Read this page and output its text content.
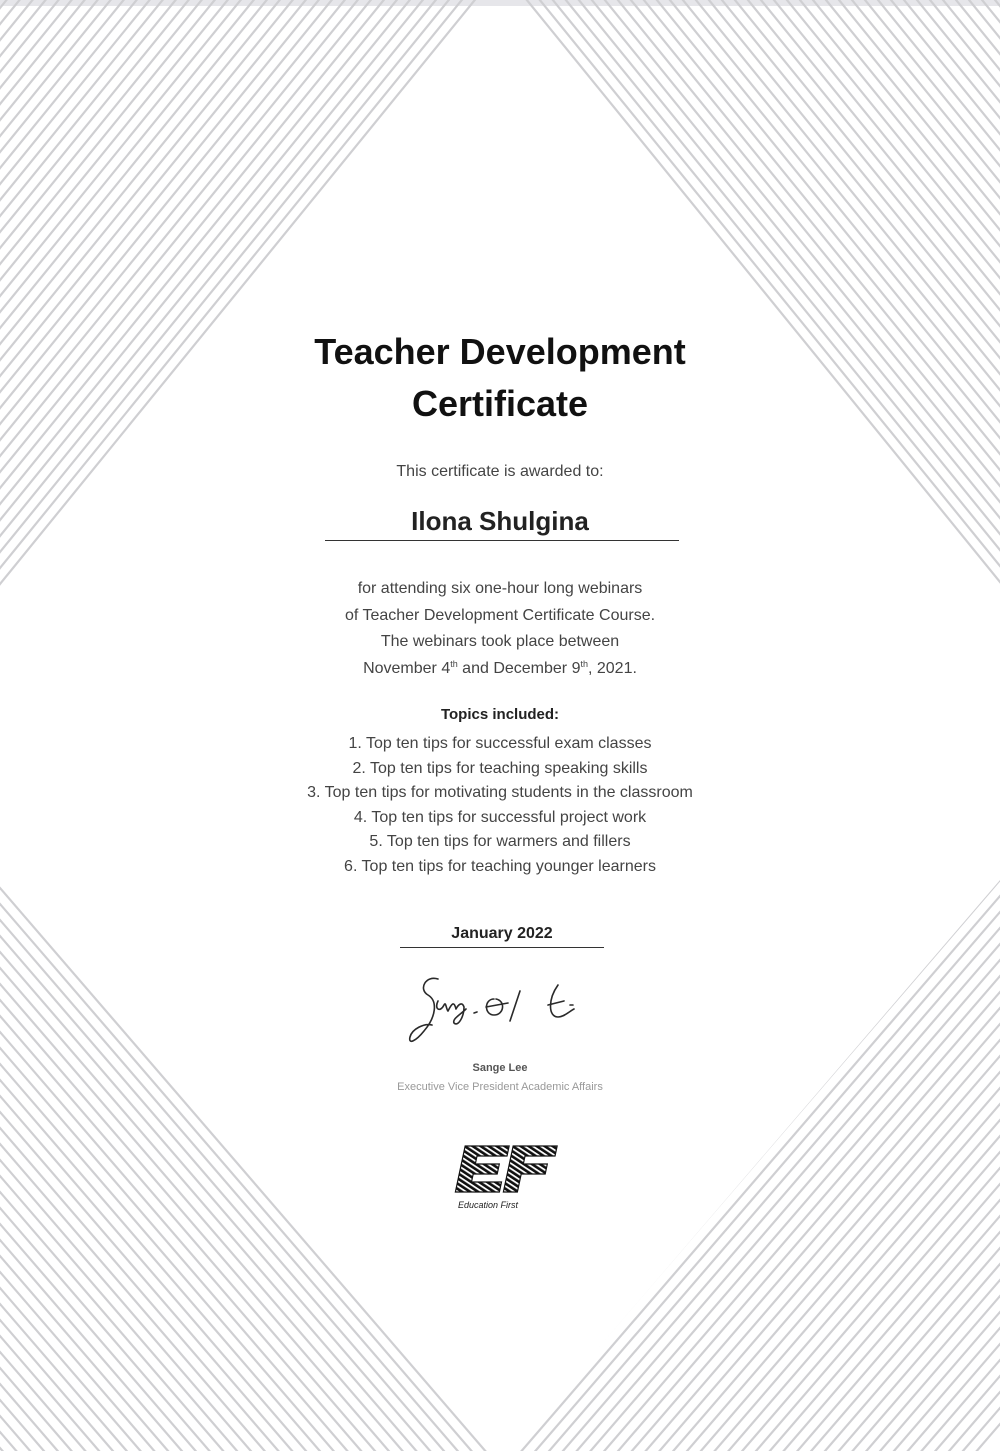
Teacher Development
Certificate
This certificate is awarded to:
Ilona Shulgina
for attending six one-hour long webinars
of Teacher Development Certificate Course.
The webinars took place between
November 4th and December 9th, 2021.
Topics included:
1. Top ten tips for successful exam classes
2. Top ten tips for teaching speaking skills
3. Top ten tips for motivating students in the classroom
4. Top ten tips for successful project work
5. Top ten tips for warmers and fillers
6. Top ten tips for teaching younger learners
January 2022
Sange Lee
Executive Vice President Academic Affairs
Education First
